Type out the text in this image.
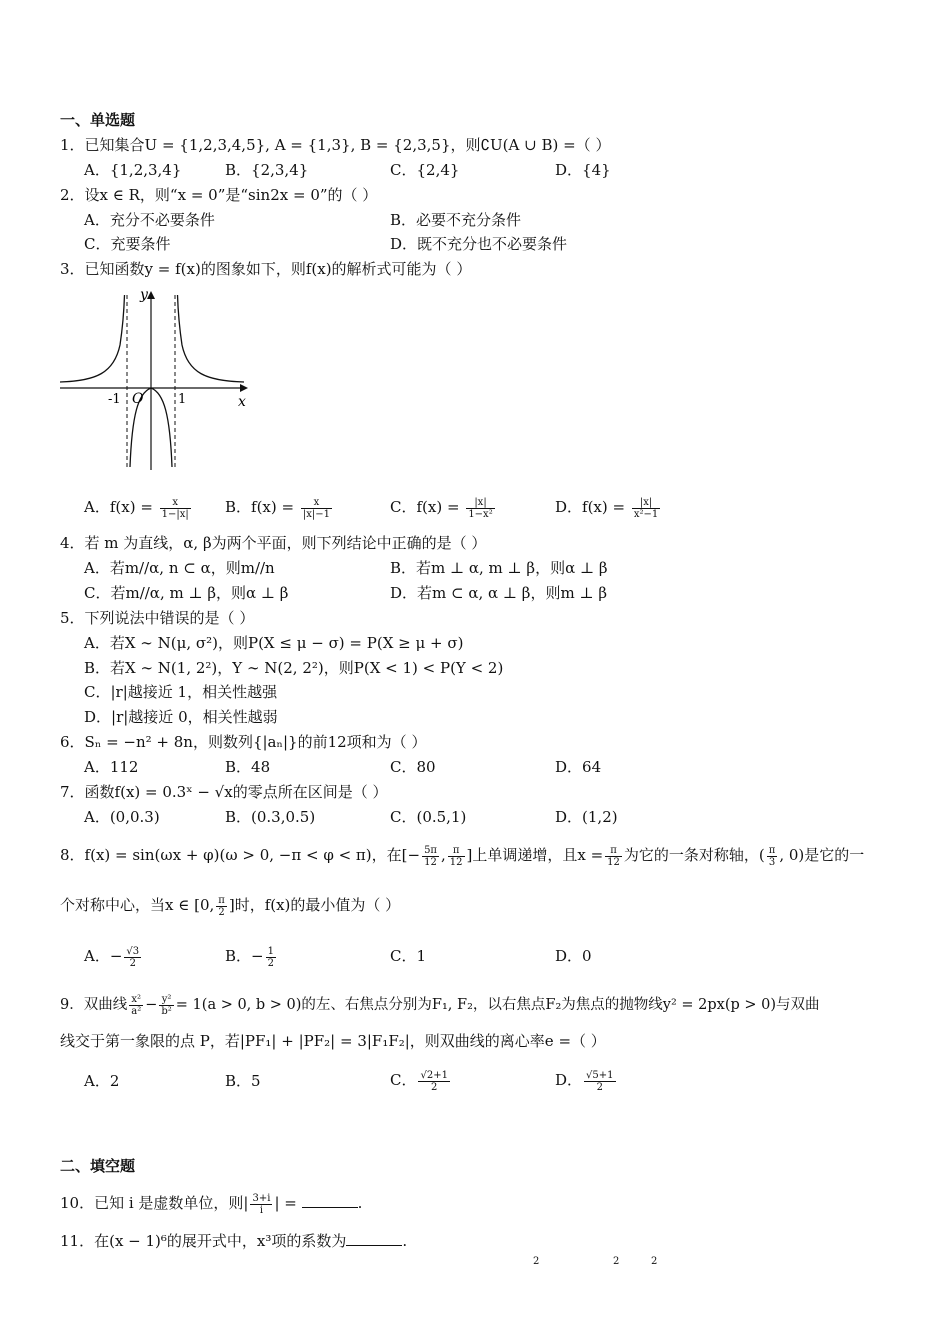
一、单选题
1．已知集合U = {1,2,3,4,5}, A = {1,3}, B = {2,3,5}，则∁U(A ∪ B) =（ ）
A．{1,2,3,4}	B．{2,3,4}	C．{2,4}	D．{4}
2．设x ∈ R，则“x = 0”是“sin2x = 0”的（ ）
A．充分不必要条件	B．必要不充分条件
C．充要条件	D．既不充分也不必要条件
3．已知函数y = f(x)的图象如下，则f(x)的解析式可能为（ ）
y
x
O
-1	1
A．$f(x) = \frac{x}{1-|x|}$ B．$f(x) = \frac{x}{|x|-1}$	C．$f(x) = \frac{|x|}{\text{1−x²}}$	D．$f(x) = \frac{|x|}{\text{x²−1}}$
4．若 m 为直线，α, β为两个平面，则下列结论中正确的是（ ）
A．若m//α, n ⊂ α，则m//n	B．若m ⊥ α, m ⊥ β，则α ⊥ β
C．若m//α, m ⊥ β，则α ⊥ β	D．若m ⊂ α, α ⊥ β，则m ⊥ β
5．下列说法中错误的是（ ）
A．若X ∼ N(μ, σ²)，则P(X ≤ μ − σ) = P(X ≥ μ + σ)
B．若X ∼ N(1, 2²)，Y ∼ N(2, 2²)，则P(X < 1) < P(Y < 2)
C．|r|越接近 1，相关性越强
D．|r|越接近 0，相关性越弱
6．Sₙ = −n² + 8n，则数列{|aₙ|}的前12项和为（ ）
A．112	B．48	C．80	D．64
7．函数f(x) = 0.3ˣ − √x的零点所在区间是（ ）
A．(0,0.3)	B．(0.3,0.5)	C．(0.5,1)	D．(1,2)
8．f(x) = sin(ωx + φ)(ω > 0, −π < φ < π)，在[− $\frac{5\pi}{12}$ , $\frac{\pi}{12}$ ]上单调递增，且$x = \frac{\pi}{12}$ 为它的一条对称轴，( $\frac{\pi}{3}$ , 0)是它的一
个对称中心，当x ∈ [0, $\frac{\pi}{2}$ ]时，f(x)的最小值为（ ）
A．− $\frac{√3}{2}$	B．− $\frac{1}{2}$	C．1	D．0
9．双曲线 $\frac{\text{x²}}{\text{a²}} - \frac{\text{y²}}{\text{b²}} = 1(a > 0$, b > 0)的左、右焦点分别为F₁, F₂，以右焦点F₂为焦点的抛物线y² = 2px(p > 0)与双曲
线交于第一象限的点 P，若|PF₁| + |PF₂| = 3|F₁F₂|，则双曲线的离心率e =（ ）
A．2	B．5	C． $\frac{√2+1}{2}$	D． $\frac{√5+1}{2}$
二、填空题
10．已知 i 是虚数单位，则| $\frac{3+i}{i}$ | =	.
11．在(x − 1)⁶的展开式中，x³项的系数为	.
2	2	2
